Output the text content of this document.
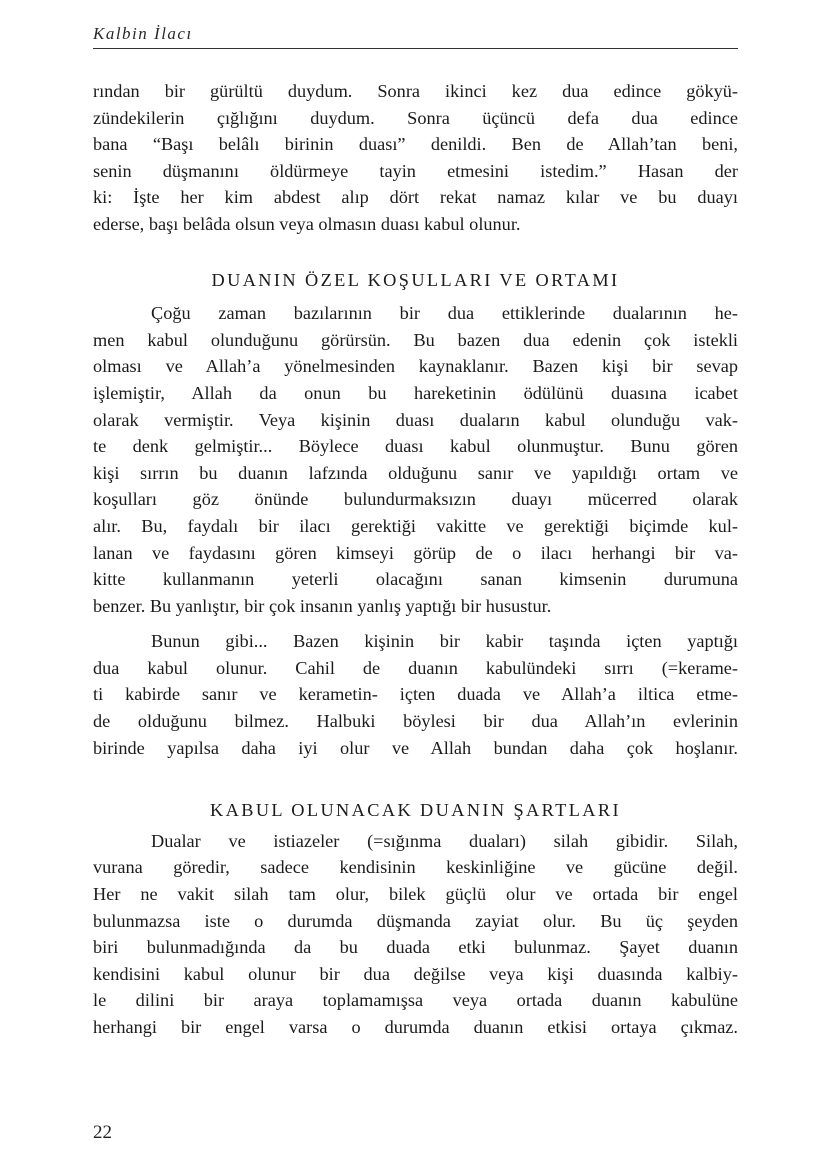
Kalbin İlacı
rından bir gürültü duydum. Sonra ikinci kez dua edince gökyü-
zündekilerin çığlığını duydum. Sonra üçüncü defa dua edince
bana “Başı belâlı birinin duası” denildi. Ben de Allah’tan beni,
senin düşmanını öldürmeye tayin etmesini istedim.” Hasan der
ki: İşte her kim abdest alıp dört rekat namaz kılar ve bu duayı
ederse, başı belâda olsun veya olmasın duası kabul olunur.
DUANIN ÖZEL KOŞULLARI VE ORTAMI
Çoğu zaman bazılarının bir dua ettiklerinde dualarının he-
men kabul olunduğunu görürsün. Bu bazen dua edenin çok istekli
olması ve Allah’a yönelmesinden kaynaklanır. Bazen kişi bir sevap
işlemiştir, Allah da onun bu hareketinin ödülünü duasına icabet
olarak vermiştir. Veya kişinin duası duaların kabul olunduğu vak-
te denk gelmiştir... Böylece duası kabul olunmuştur. Bunu gören
kişi sırrın bu duanın lafzında olduğunu sanır ve yapıldığı ortam ve
koşulları göz önünde bulundurmaksızın duayı mücerred olarak
alır. Bu, faydalı bir ilacı gerektiği vakitte ve gerektiği biçimde kul-
lanan ve faydasını gören kimseyi görüp de o ilacı herhangi bir va-
kitte kullanmanın yeterli olacağını sanan kimsenin durumuna
benzer. Bu yanlıştır, bir çok insanın yanlış yaptığı bir husustur.
Bunun gibi... Bazen kişinin bir kabir taşında içten yaptığı
dua kabul olunur. Cahil de duanın kabulündeki sırrı (=kerame-
ti kabirde sanır ve kerametin- içten duada ve Allah’a iltica etme-
de olduğunu bilmez. Halbuki böylesi bir dua Allah’ın evlerinin
birinde yapılsa daha iyi olur ve Allah bundan daha çok hoşlanır.
KABUL OLUNACAK DUANIN ŞARTLARI
Dualar ve istiazeler (=sığınma duaları) silah gibidir. Silah,
vurana göredir, sadece kendisinin keskinliğine ve gücüne değil.
Her ne vakit silah tam olur, bilek güçlü olur ve ortada bir engel
bulunmazsa iste o durumda düşmanda zayiat olur. Bu üç şeyden
biri bulunmadığında da bu duada etki bulunmaz. Şayet duanın
kendisini kabul olunur bir dua değilse veya kişi duasında kalbiy-
le dilini bir araya toplamamışsa veya ortada duanın kabulüne
herhangi bir engel varsa o durumda duanın etkisi ortaya çıkmaz.
22
